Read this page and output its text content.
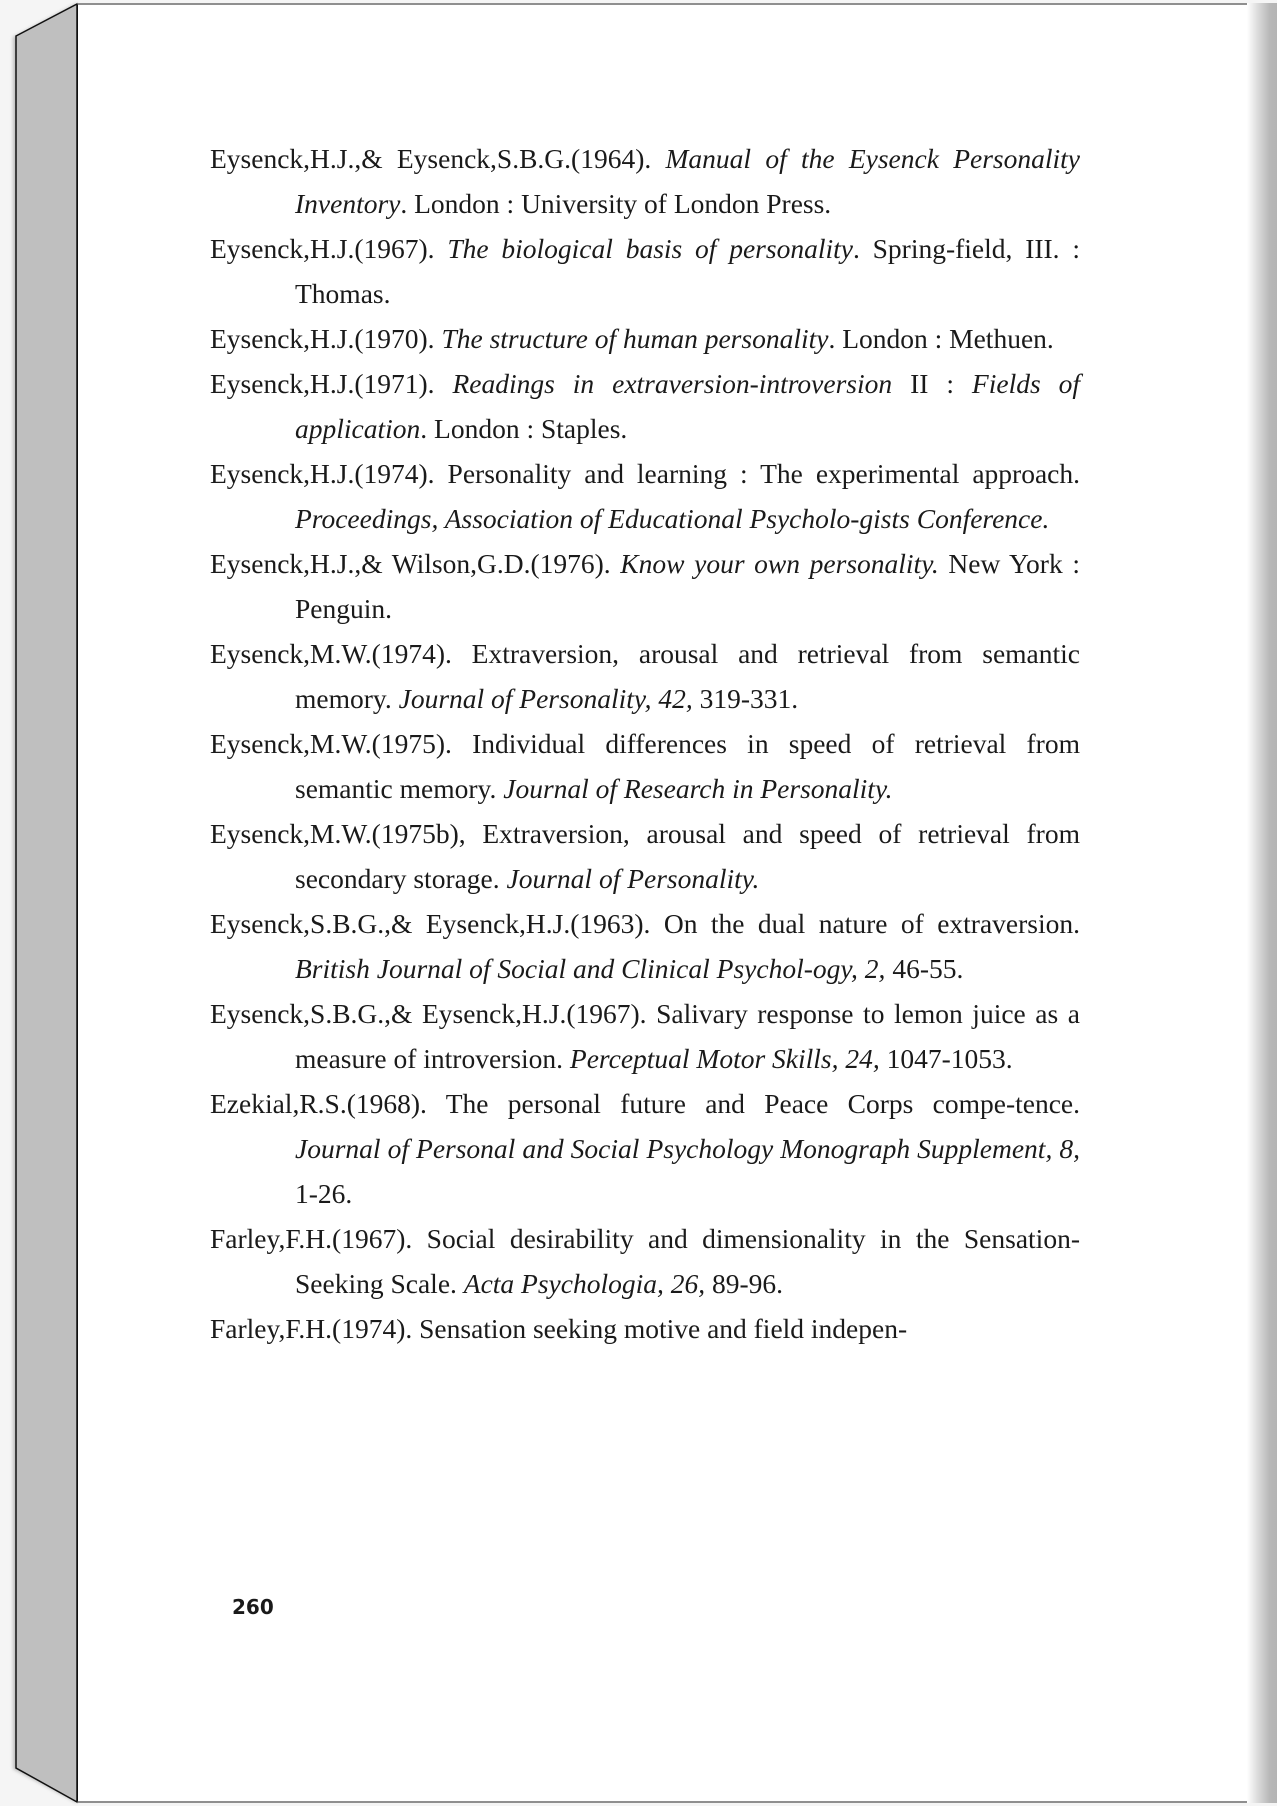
Eysenck,H.J.,& Eysenck,S.B.G.(1964). Manual of the Eysenck Personality Inventory. London : University of London Press.

Eysenck,H.J.(1967). The biological basis of personality. Spring-field, III. : Thomas.

Eysenck,H.J.(1970). The structure of human personality. London : Methuen.

Eysenck,H.J.(1971). Readings in extraversion-introversion II : Fields of application. London : Staples.

Eysenck,H.J.(1974). Personality and learning : The experimental approach. Proceedings, Association of Educational Psycholo-gists Conference.

Eysenck,H.J.,& Wilson,G.D.(1976). Know your own personality. New York : Penguin.

Eysenck,M.W.(1974). Extraversion, arousal and retrieval from semantic memory. Journal of Personality, 42, 319-331.

Eysenck,M.W.(1975). Individual differences in speed of retrieval from semantic memory. Journal of Research in Personality.

Eysenck,M.W.(1975b), Extraversion, arousal and speed of retrieval from secondary storage. Journal of Personality.

Eysenck,S.B.G.,& Eysenck,H.J.(1963). On the dual nature of extraversion. British Journal of Social and Clinical Psychol-ogy, 2, 46-55.

Eysenck,S.B.G.,& Eysenck,H.J.(1967). Salivary response to lemon juice as a measure of introversion. Perceptual Motor Skills, 24, 1047-1053.

Ezekial,R.S.(1968). The personal future and Peace Corps compe-tence. Journal of Personal and Social Psychology Monograph Supplement, 8, 1-26.

Farley,F.H.(1967). Social desirability and dimensionality in the Sensation-Seeking Scale. Acta Psychologia, 26, 89-96.

Farley,F.H.(1974). Sensation seeking motive and field indepen-

260
